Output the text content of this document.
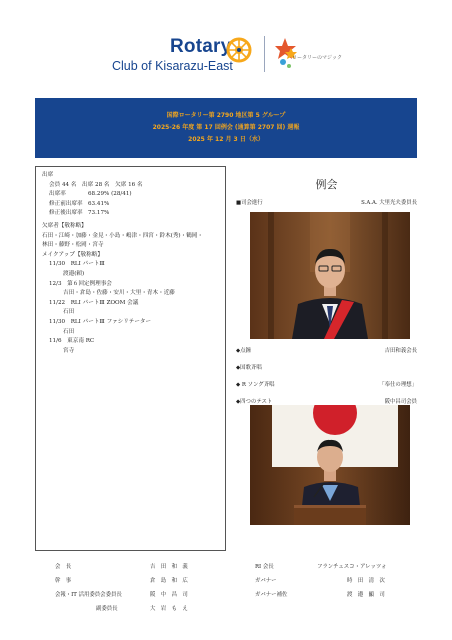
Rotary
Club of Kisarazu-East
ロータリーのマジック
国際ロータリー第 2790 地区第 5 グループ
2025-26 年度 第 17 回例会 (通算第 2707 回) 週報
2025 年 12 月 3 日（水）
出席
会員 44 名　出席 28 名　欠席 16 名
出席率	68.29% (28/41)
修正前出席率 63.41%
修正後出席率 73.17%
欠席者【敬称略】
石田・江崎・加藤・金見・小島・嶋津・四宮・鈴木(秀)・鶴岡・
林田・藤野・松岡・宮寺
メイクアップ【敬称略】
11/30　RLI パートⅢ
渡邉(頼)
12/3　第６回定例理事会
吉田・倉島・佐藤・安川・大里・青木・近藤
11/22　RLI パートⅢ ZOOM 会議
石田
11/30　RLI パートⅢ ファシリテーター
石田
11/6　東京南 RC
宮寺
例会
■司会進行	S.A.A. 大里光夫委員長
◆点鐘	吉田和義会長
◆国歌斉唱
◆ R ソング斉唱	「奉仕の理想」
◆四つのテスト	阪中昌司会員
会　長	吉　田　和　義
幹　事	倉　島　和　広
会報・IT 活用委員会委員長	阪　中　昌　司
副委員長	大　岩　も　え
RI 会長	フランチェスコ・アレッツォ
ガバナー	時　田　清　次
ガバナー補佐	渡　邉　顯　司
